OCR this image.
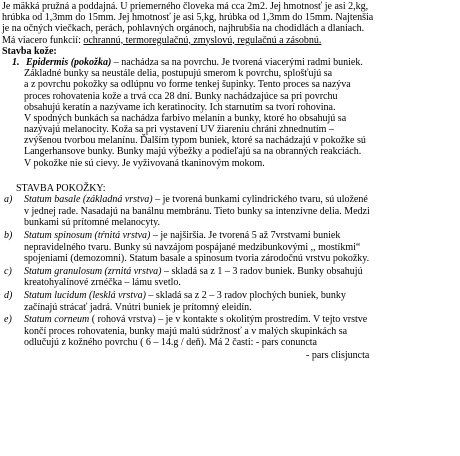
Je mäkká pružná a poddajná. U priemerného človeka má cca 2m2. Jej hmotnosť je asi 2,kg,
hrúbka od 1,3mm do 15mm. Jej hmotnosť je asi 5,kg, hrúbka od 1,3mm do 15mm. Najtenšia
je na očných viečkach, perách, pohlavných orgánoch, najhrubšia na chodidlách a dlaniach.
Má viacero funkcií: ochrannú, termoregulačnú, zmyslovú, regulačnú a zásobnú.
Stavba kože:
1. Epidermis (pokožka) – nachádza sa na povrchu. Je tvorená viacerými radmi buniek.
Základné bunky sa neustále delia, postupujú smerom k povrchu, splošťujú sa
a z povrchu pokožky sa odlúpnu vo forme tenkej šupinky. Tento proces sa nazýva
proces rohovatenia kože a trvá cca 28 dní. Bunky nachádzajúce sa pri povrchu
obsahujú keratín a nazývame ich keratinocity. Ich starnutím sa tvorí rohovina.
V spodných bunkách sa nachádza farbivo melanín a bunky, ktoré ho obsahujú sa
nazývajú melanocity. Koža sa pri vystavení UV žiareniu chráni zhnednutím –
zvýšenou tvorbou melanínu. Ďalším typom buniek, ktoré sa nachádzajú v pokožke sú
Langerhansove bunky. Bunky majú výbežky a podieľajú sa na obranných reakciách.
V pokožke nie sú cievy. Je vyživovaná tkaninovým mokom.
STAVBA POKOŽKY:
a)	Statum basale (základná vrstva) – je tvorená bunkami cylindrického tvaru, sú uložené
v jednej rade. Nasadajú na banálnu membránu. Tieto bunky sa intenzívne delia. Medzi
bunkami sú prítomné melanocyty.
b)	Statum spinosum (tŕnitá vrstva) – je najširšia. Je tvorená 5 až 7vrstvami buniek
nepravidelného tvaru. Bunky sú navzájom pospájané medzibunkovými ,, mostíkmi“
spojeniami (demozomni). Statum basale a spinosum tvoria zárodočnú vrstvu pokožky.
c)	Statum granulosum (zrnitá vrstva) – skladá sa z 1 – 3 radov buniek. Bunky obsahujú
kreatohyalínové zrnéčka – lámu svetlo.
d)	Statum lucidum (lesklá vrstva) – skladá sa z 2 – 3 radov plochých buniek, bunky
začínajú strácať jadrá. Vnútri buniek je prítomný eleidín.
e)	Statum corneum ( rohová vrstva) – je v kontakte s okolitým prostredím. V tejto vrstve
končí proces rohovatenia, bunky majú malú súdržnosť a v malých skupinkách sa
odlučujú z kožného povrchu ( 6 – 14.g / deň). Má 2 časti: - pars conuncta
- pars clisjuncta
